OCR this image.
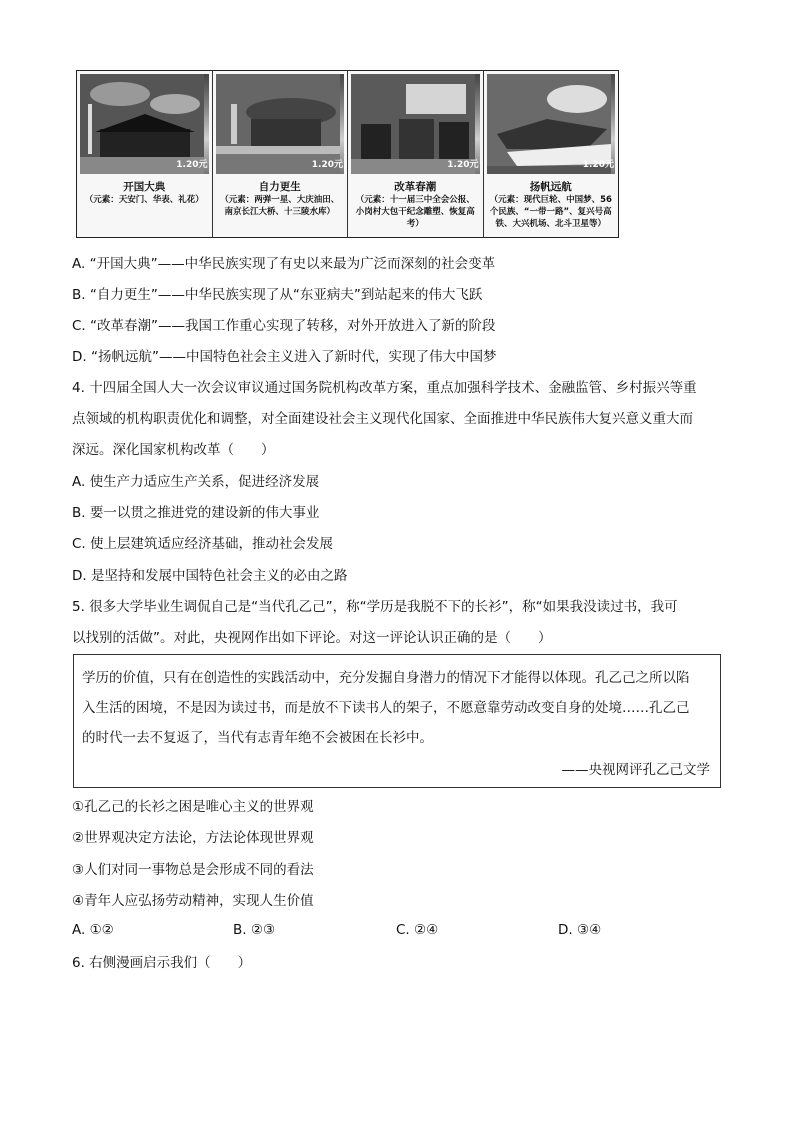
1.20元
开国大典
（元素：天安门、华表、礼花）
1.20元
自力更生
（元素：两弹一星、大庆油田、南京长江大桥、十三陵水库）
1.20元
改革春潮
（元素：十一届三中全会公报、小岗村大包干纪念雕塑、恢复高考）
1.20元
扬帆远航
（元素：现代巨轮、中国梦、56个民族、“一带一路”、复兴号高铁、大兴机场、北斗卫星等）
A. “开国大典”——中华民族实现了有史以来最为广泛而深刻的社会变革
B. “自力更生”——中华民族实现了从“东亚病夫”到站起来的伟大飞跃
C. “改革春潮”——我国工作重心实现了转移，对外开放进入了新的阶段
D. “扬帆远航”——中国特色社会主义进入了新时代，实现了伟大中国梦
4. 十四届全国人大一次会议审议通过国务院机构改革方案，重点加强科学技术、金融监管、乡村振兴等重
点领域的机构职责优化和调整，对全面建设社会主义现代化国家、全面推进中华民族伟大复兴意义重大而
深远。深化国家机构改革（　　）
A. 使生产力适应生产关系，促进经济发展
B. 要一以贯之推进党的建设新的伟大事业
C. 使上层建筑适应经济基础，推动社会发展
D. 是坚持和发展中国特色社会主义的必由之路
5. 很多大学毕业生调侃自己是“当代孔乙己”，称“学历是我脱不下的长衫”，称“如果我没读过书，我可
以找别的活做”。对此，央视网作出如下评论。对这一评论认识正确的是（　　）
学历的价值，只有在创造性的实践活动中，充分发掘自身潜力的情况下才能得以体现。孔乙己之所以陷
入生活的困境，不是因为读过书，而是放不下读书人的架子，不愿意靠劳动改变自身的处境……孔乙己
的时代一去不复返了，当代有志青年绝不会被困在长衫中。
——央视网评孔乙己文学
①孔乙己的长衫之困是唯心主义的世界观
②世界观决定方法论，方法论体现世界观
③人们对同一事物总是会形成不同的看法
④青年人应弘扬劳动精神，实现人生价值
A. ①②	B. ②③	C. ②④	D. ③④
6. 右侧漫画启示我们（　　）
